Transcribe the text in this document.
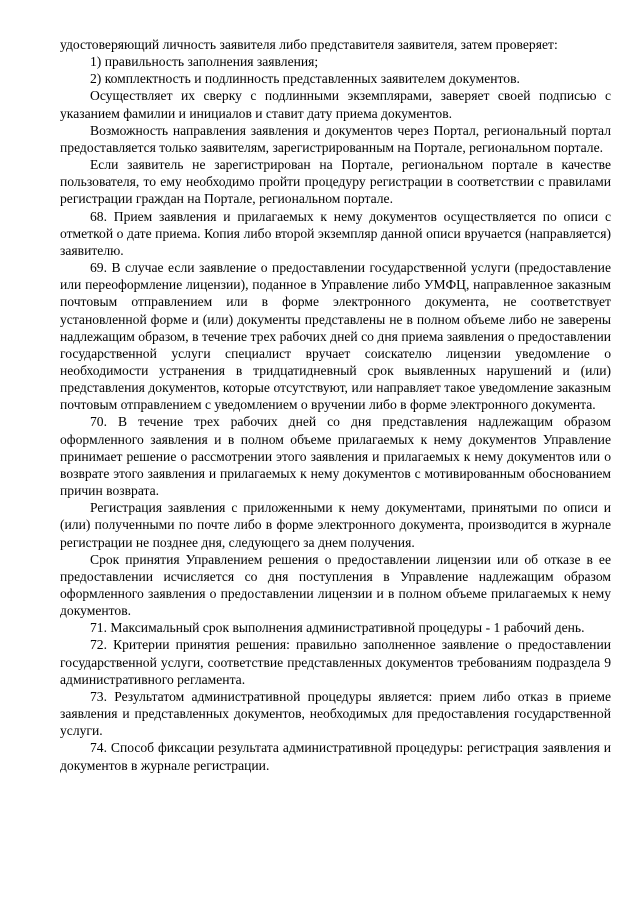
удостоверяющий личность заявителя либо представителя заявителя, затем проверяет:

1) правильность заполнения заявления;

2) комплектность и подлинность представленных заявителем документов.

Осуществляет их сверку с подлинными экземплярами, заверяет своей подписью с указанием фамилии и инициалов и ставит дату приема документов.

Возможность направления заявления и документов через Портал, региональный портал предоставляется только заявителям, зарегистрированным на Портале, региональном портале.

Если заявитель не зарегистрирован на Портале, региональном портале в качестве пользователя, то ему необходимо пройти процедуру регистрации в соответствии с правилами регистрации граждан на Портале, региональном портале.

68. Прием заявления и прилагаемых к нему документов осуществляется по описи с отметкой о дате приема. Копия либо второй экземпляр данной описи вручается (направляется) заявителю.

69. В случае если заявление о предоставлении государственной услуги (предоставление или переоформление лицензии), поданное в Управление либо УМФЦ, направленное заказным почтовым отправлением или в форме электронного документа, не соответствует установленной форме и (или) документы представлены не в полном объеме либо не заверены надлежащим образом, в течение трех рабочих дней со дня приема заявления о предоставлении государственной услуги специалист вручает соискателю лицензии уведомление о необходимости устранения в тридцатидневный срок выявленных нарушений и (или) представления документов, которые отсутствуют, или направляет такое уведомление заказным почтовым отправлением с уведомлением о вручении либо в форме электронного документа.

70. В течение трех рабочих дней со дня представления надлежащим образом оформленного заявления и в полном объеме прилагаемых к нему документов Управление принимает решение о рассмотрении этого заявления и прилагаемых к нему документов или о возврате этого заявления и прилагаемых к нему документов с мотивированным обоснованием причин возврата.

Регистрация заявления с приложенными к нему документами, принятыми по описи и (или) полученными по почте либо в форме электронного документа, производится в журнале регистрации не позднее дня, следующего за днем получения.

Срок принятия Управлением решения о предоставлении лицензии или об отказе в ее предоставлении исчисляется со дня поступления в Управление надлежащим образом оформленного заявления о предоставлении лицензии и в полном объеме прилагаемых к нему документов.

71. Максимальный срок выполнения административной процедуры - 1 рабочий день.

72. Критерии принятия решения: правильно заполненное заявление о предоставлении государственной услуги, соответствие представленных документов требованиям подраздела 9 административного регламента.

73. Результатом административной процедуры является: прием либо отказ в приеме заявления и представленных документов, необходимых для предоставления государственной услуги.

74. Способ фиксации результата административной процедуры: регистрация заявления и документов в журнале регистрации.
